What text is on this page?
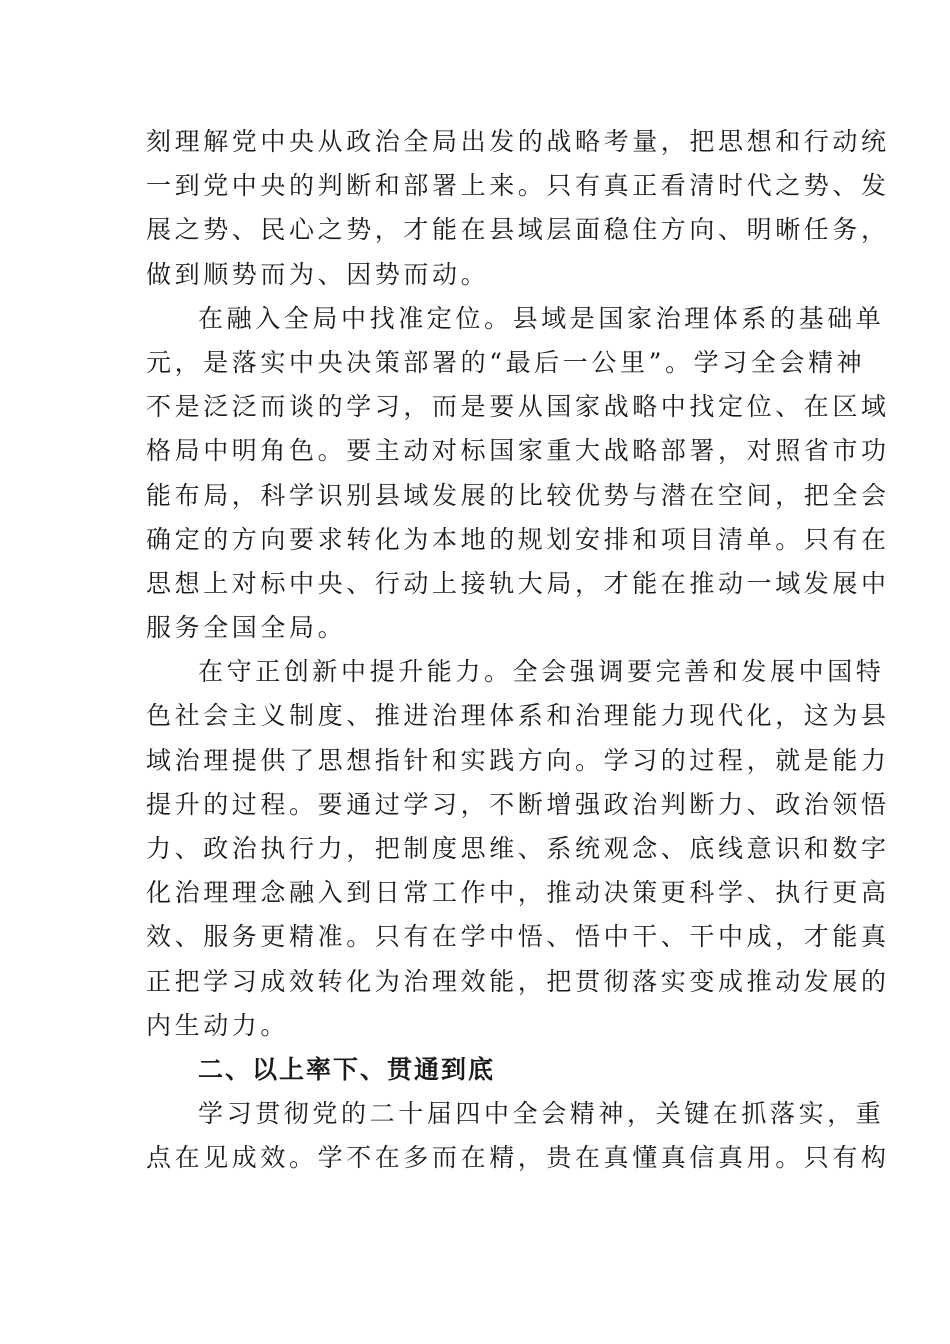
刻理解党中央从政治全局出发的战略考量，把思想和行动统
一到党中央的判断和部署上来。只有真正看清时代之势、发
展之势、民心之势，才能在县域层面稳住方向、明晰任务，
做到顺势而为、因势而动。
在融入全局中找准定位。县域是国家治理体系的基础单
元，是落实中央决策部署的“最后一公里”。学习全会精神
不是泛泛而谈的学习，而是要从国家战略中找定位、在区域
格局中明角色。要主动对标国家重大战略部署，对照省市功
能布局，科学识别县域发展的比较优势与潜在空间，把全会
确定的方向要求转化为本地的规划安排和项目清单。只有在
思想上对标中央、行动上接轨大局，才能在推动一域发展中
服务全国全局。
在守正创新中提升能力。全会强调要完善和发展中国特
色社会主义制度、推进治理体系和治理能力现代化，这为县
域治理提供了思想指针和实践方向。学习的过程，就是能力
提升的过程。要通过学习，不断增强政治判断力、政治领悟
力、政治执行力，把制度思维、系统观念、底线意识和数字
化治理理念融入到日常工作中，推动决策更科学、执行更高
效、服务更精准。只有在学中悟、悟中干、干中成，才能真
正把学习成效转化为治理效能，把贯彻落实变成推动发展的
内生动力。
二、以上率下、贯通到底
学习贯彻党的二十届四中全会精神，关键在抓落实，重
点在见成效。学不在多而在精，贵在真懂真信真用。只有构
